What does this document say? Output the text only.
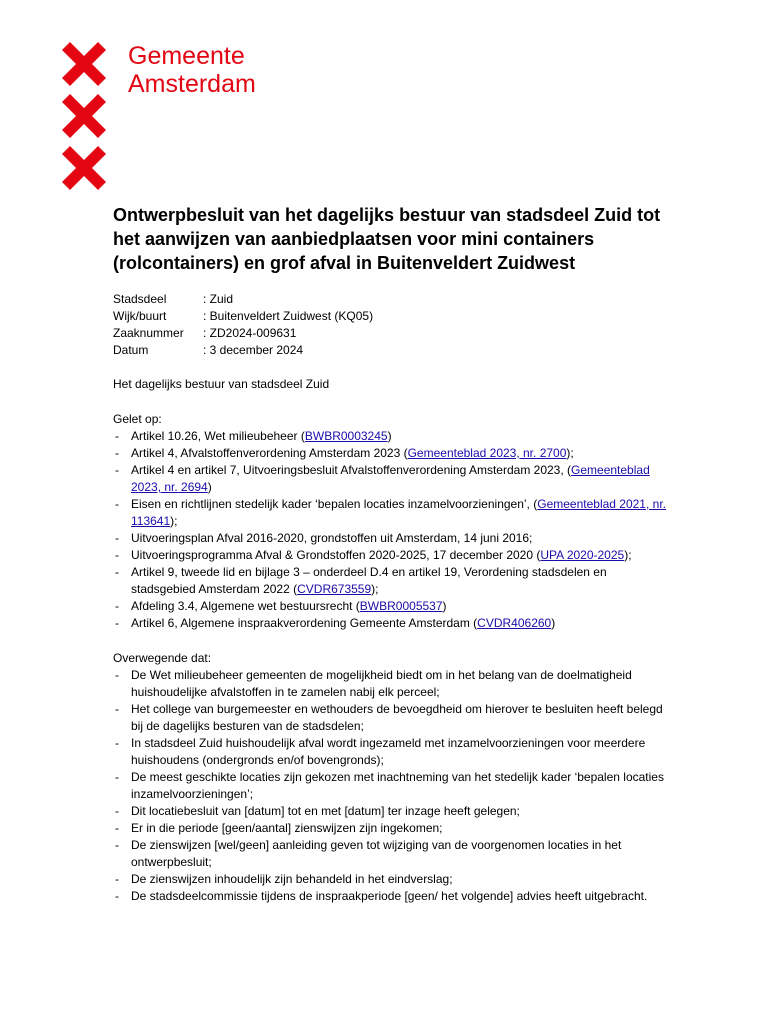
Gemeente
Amsterdam
Ontwerpbesluit van het dagelijks bestuur van stadsdeel Zuid tot het aanwijzen van aanbiedplaatsen voor mini containers (rolcontainers) en grof afval in Buitenveldert Zuidwest
Stadsdeel	: Zuid
Wijk/buurt	: Buitenveldert Zuidwest (KQ05)
Zaaknummer	: ZD2024-009631
Datum	: 3 december 2024
Het dagelijks bestuur van stadsdeel Zuid
Gelet op:
- Artikel 10.26, Wet milieubeheer (BWBR0003245)
- Artikel 4, Afvalstoffenverordening Amsterdam 2023 (Gemeenteblad 2023, nr. 2700);
- Artikel 4 en artikel 7, Uitvoeringsbesluit Afvalstoffenverordening Amsterdam 2023, (Gemeenteblad 2023, nr. 2694)
- Eisen en richtlijnen stedelijk kader ‘bepalen locaties inzamelvoorzieningen’, (Gemeenteblad 2021, nr. 113641);
- Uitvoeringsplan Afval 2016-2020, grondstoffen uit Amsterdam, 14 juni 2016;
- Uitvoeringsprogramma Afval & Grondstoffen 2020-2025, 17 december 2020 (UPA 2020-2025);
- Artikel 9, tweede lid en bijlage 3 – onderdeel D.4 en artikel 19, Verordening stadsdelen en stadsgebied Amsterdam 2022 (CVDR673559);
- Afdeling 3.4, Algemene wet bestuursrecht (BWBR0005537)
- Artikel 6, Algemene inspraakverordening Gemeente Amsterdam (CVDR406260)
Overwegende dat:
- De Wet milieubeheer gemeenten de mogelijkheid biedt om in het belang van de doelmatigheid huishoudelijke afvalstoffen in te zamelen nabij elk perceel;
- Het college van burgemeester en wethouders de bevoegdheid om hierover te besluiten heeft belegd bij de dagelijks besturen van de stadsdelen;
- In stadsdeel Zuid huishoudelijk afval wordt ingezameld met inzamelvoorzieningen voor meerdere huishoudens (ondergronds en/of bovengronds);
- De meest geschikte locaties zijn gekozen met inachtneming van het stedelijk kader ‘bepalen locaties inzamelvoorzieningen’;
- Dit locatiebesluit van [datum] tot en met [datum] ter inzage heeft gelegen;
- Er in die periode [geen/aantal] zienswijzen zijn ingekomen;
- De zienswijzen [wel/geen] aanleiding geven tot wijziging van de voorgenomen locaties in het ontwerpbesluit;
- De zienswijzen inhoudelijk zijn behandeld in het eindverslag;
- De stadsdeelcommissie tijdens de inspraakperiode [geen/ het volgende] advies heeft uitgebracht.
